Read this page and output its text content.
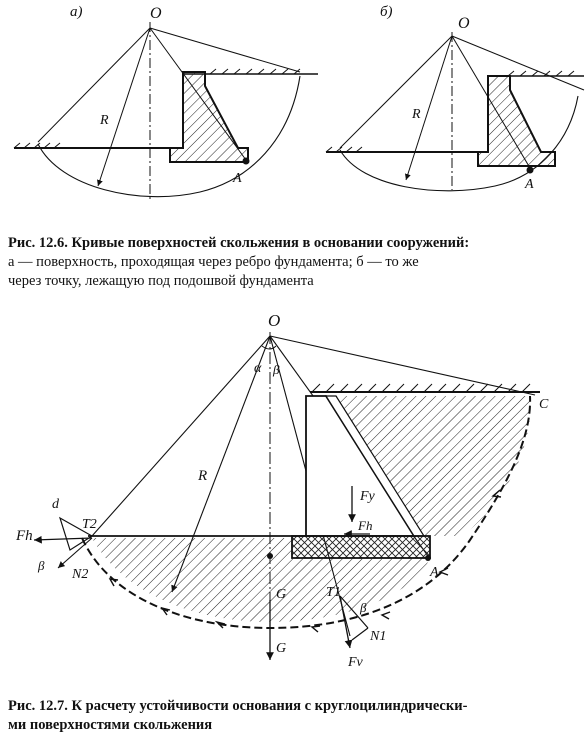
а)	O
R
A
б)
O
R
A
O
R
α β
C
A
d
Fh
T2
N2
β
G
G
Fy
Fh
T1
β
N1
Fv
Рис. 12.6. Кривые поверхностей скольжения в основании сооружений:
а — поверхность, проходящая через ребро фундамента; б — то же
через точку, лежащую под подошвой фундамента
Рис. 12.7. К расчету устойчивости основания с круглоцилиндрически-
ми поверхностями скольжения
